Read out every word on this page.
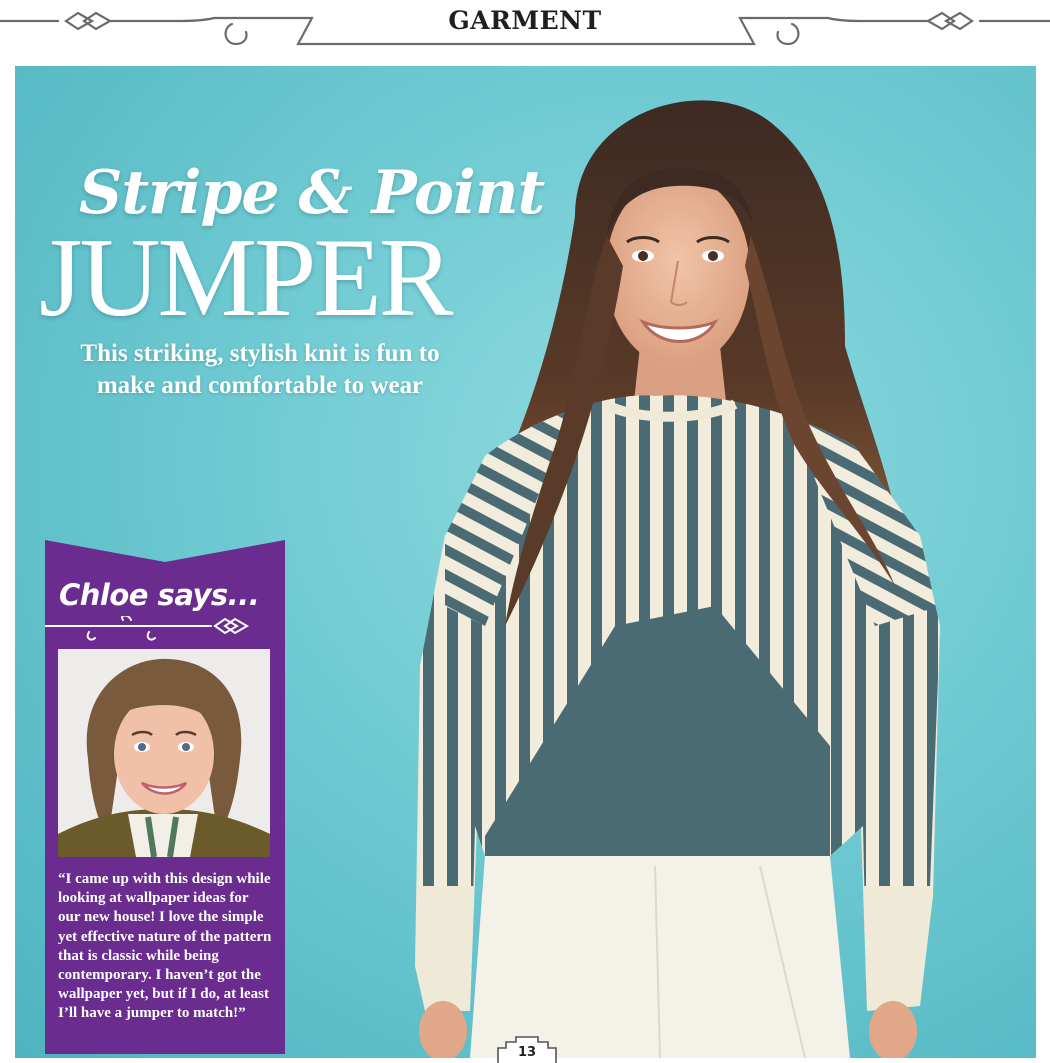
GARMENT
Stripe & Point
JUMPER
This striking, stylish knit is fun to
make and comfortable to wear
Chloe says...
“I came up with this design while looking at wallpaper ideas for our new house! I love the simple yet effective nature of the pattern that is classic while being contemporary. I haven’t got the wallpaper yet, but if I do, at least I’ll have a jumper to match!”
13
